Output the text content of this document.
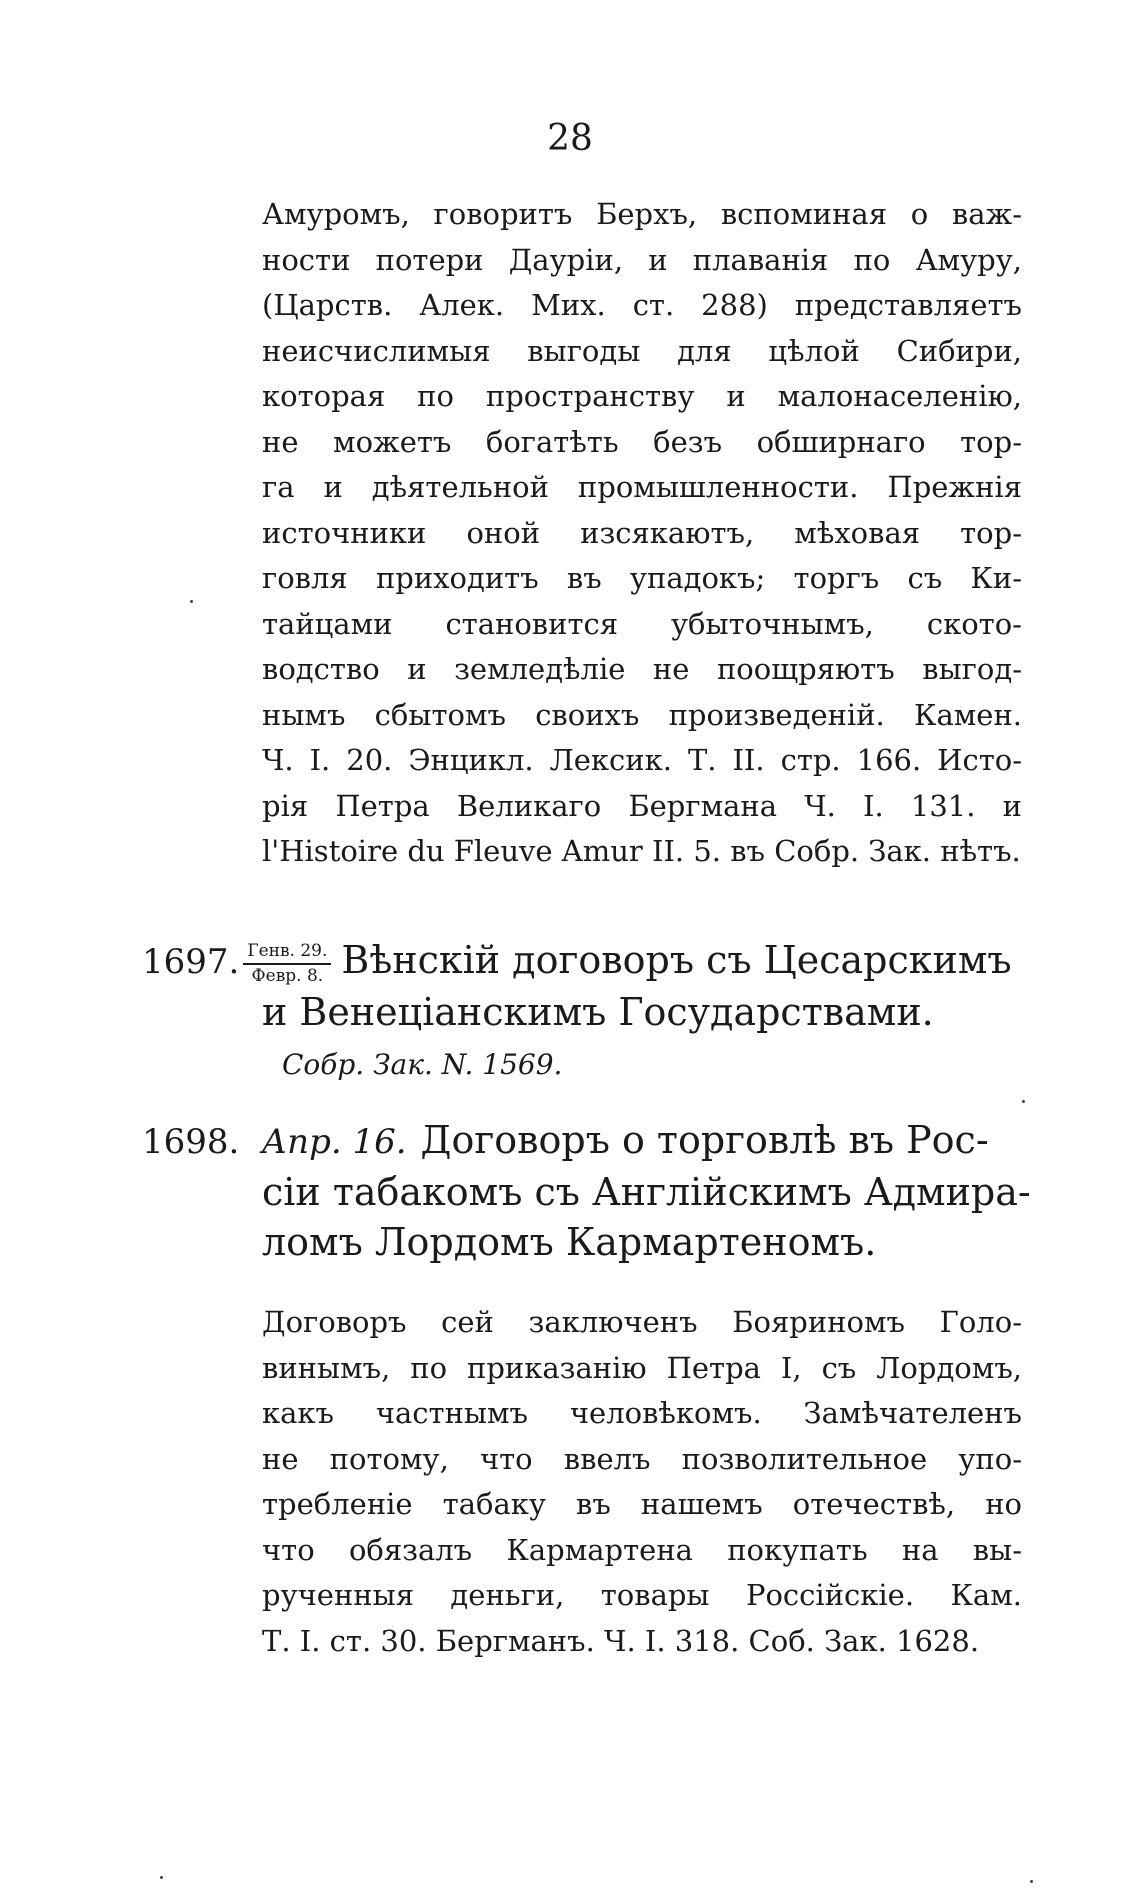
28
Амуромъ, говоритъ Берхъ, вспоминая о важ-
ности потери Дауріи, и плаванія по Амуру,
(Царств. Алек. Мих. ст. 288) представляетъ
неисчислимыя выгоды для цѣлой Сибири,
которая по пространству и малонаселенію,
не можетъ богатѣть безъ обширнаго тор-
га и дѣятельной промышленности. Прежнія
источники оной изсякаютъ, мѣховая тор-
говля приходитъ въ упадокъ; торгъ съ Ки-
тайцами становится убыточнымъ, ското-
водство и земледѣліе не поощряютъ выгод-
нымъ сбытомъ своихъ произведеній. Камен.
Ч. I. 20. Энцикл. Лексик. Т. II. стр. 166. Исто-
рія Петра Великаго Бергмана Ч. I. 131. и
l'Histoire du Fleuve Amur II. 5. въ Собр. Зак. нѣтъ.
1697. $\frac{\text{Генв. 29.}}{\text{Февр. 8.}}$ Вѣнскій договоръ съ Цесарскимъ
и Венеціанскимъ Государствами.
Собр. Зак. N. 1569.
1698. Апр. 16. Договоръ о торговлѣ въ Рос-
сіи табакомъ съ Англійскимъ Адмира-
ломъ Лордомъ Кармартеномъ.
Договоръ сей заключенъ Бояриномъ Голо-
винымъ, по приказанію Петра I, съ Лордомъ,
какъ частнымъ человѣкомъ. Замѣчателенъ
не потому, что ввелъ позволительное упо-
требленіе табаку въ нашемъ отечествѣ, но
что обязалъ Кармартена покупать на вы-
рученныя деньги, товары Россійскіе. Кам.
Т. I. ст. 30. Бергманъ. Ч. I. 318. Соб. Зак. 1628.
